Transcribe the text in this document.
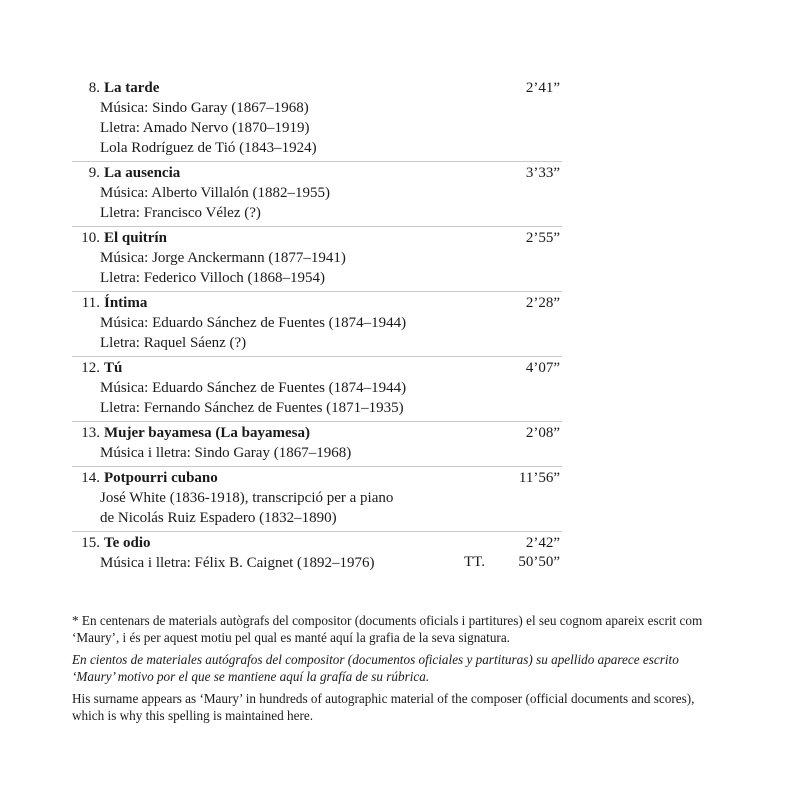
8. La tarde	2’41”
Música: Sindo Garay (1867–1968)
Lletra: Amado Nervo (1870–1919)
Lola Rodríguez de Tió (1843–1924)
9. La ausencia	3’33”
Música: Alberto Villalón (1882–1955)
Lletra: Francisco Vélez (?)
10. El quitrín	2’55”
Música: Jorge Anckermann (1877–1941)
Lletra: Federico Villoch (1868–1954)
11. Íntima	2’28”
Música: Eduardo Sánchez de Fuentes (1874–1944)
Lletra: Raquel Sáenz (?)
12. Tú	4’07”
Música: Eduardo Sánchez de Fuentes (1874–1944)
Lletra: Fernando Sánchez de Fuentes (1871–1935)
13. Mujer bayamesa (La bayamesa)	2’08”
Música i lletra: Sindo Garay (1867–1968)
14. Potpourri cubano	11’56”
José White (1836-1918), transcripció per a piano
de Nicolás Ruiz Espadero (1832–1890)
15. Te odio	2’42”
Música i lletra: Félix B. Caignet (1892–1976)	TT. 50’50”

* En centenars de materials autògrafs del compositor (documents oficials i partitures) el seu cognom apareix escrit com ‘Maury’, i és per aquest motiu pel qual es manté aquí la grafia de la seva signatura.

En cientos de materiales autógrafos del compositor (documentos oficiales y partituras) su apellido aparece escrito ‘Maury’ motivo por el que se mantiene aquí la grafía de su rúbrica.

His surname appears as ‘Maury’ in hundreds of autographic material of the composer (official documents and scores), which is why this spelling is maintained here.
